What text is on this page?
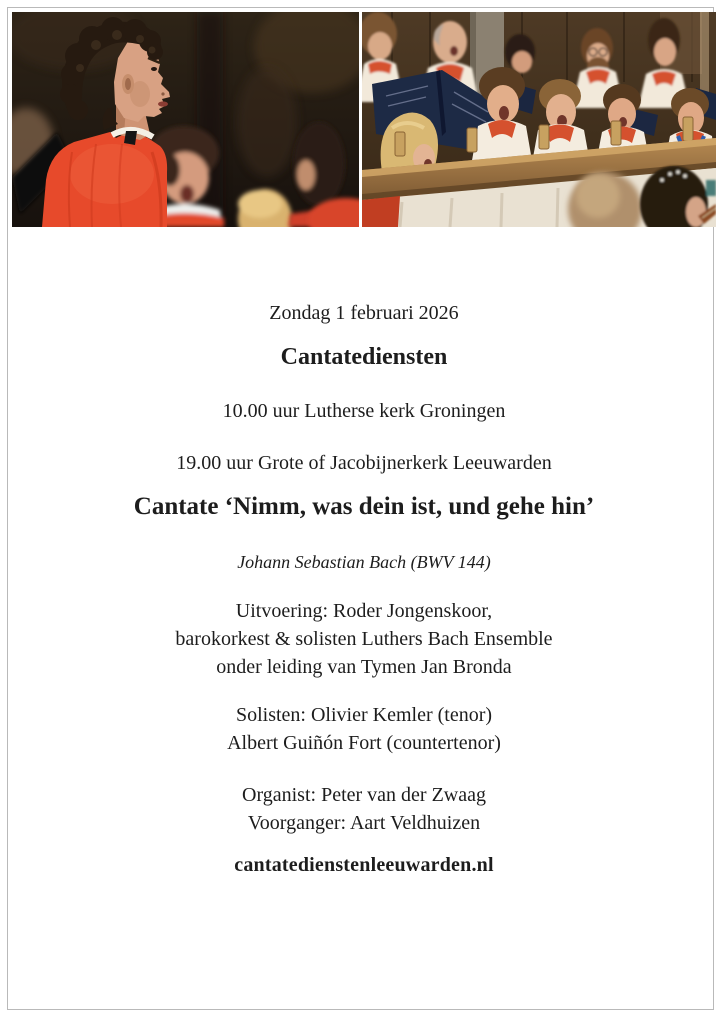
Zondag 1 februari 2026

Cantatediensten

10.00 uur Lutherse kerk Groningen

19.00 uur Grote of Jacobijnerkerk Leeuwarden

Cantate ‘Nimm, was dein ist, und gehe hin’

Johann Sebastian Bach (BWV 144)

Uitvoering: Roder Jongenskoor,
barokorkest & solisten Luthers Bach Ensemble
onder leiding van Tymen Jan Bronda
Solisten: Olivier Kemler (tenor)
Albert Guiñón Fort (countertenor)
Organist: Peter van der Zwaag
Voorganger: Aart Veldhuizen

cantatedienstenleeuwarden.nl
